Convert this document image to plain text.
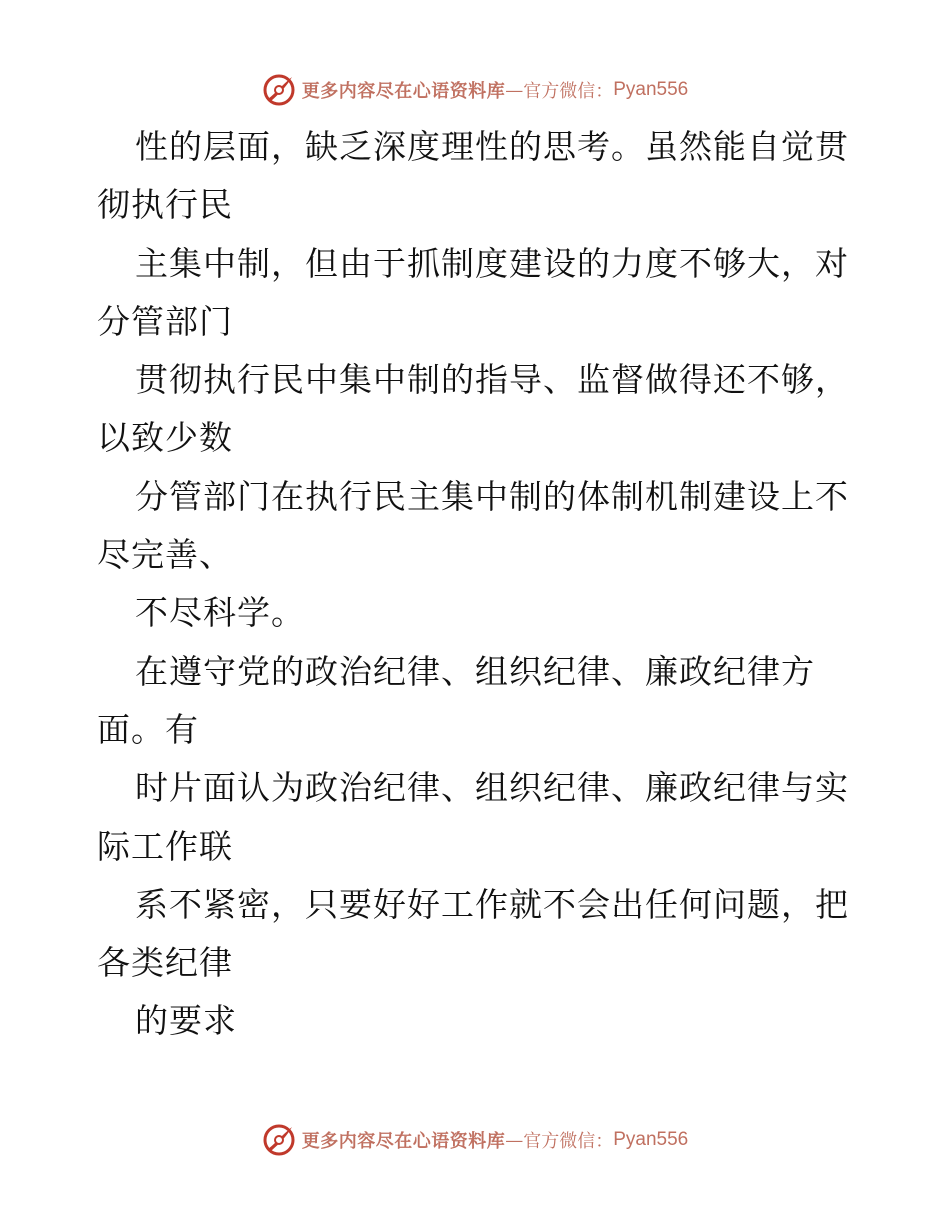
更多内容尽在心语资料库 — 官方微信： Pyan556
性的层面，缺乏深度理性的思考。虽然能自觉贯
彻执行民
主集中制，但由于抓制度建设的力度不够大，对
分管部门
贯彻执行民中集中制的指导、监督做得还不够，
以致少数
分管部门在执行民主集中制的体制机制建设上不
尽完善、
不尽科学。
在遵守党的政治纪律、组织纪律、廉政纪律方
面。有
时片面认为政治纪律、组织纪律、廉政纪律与实
际工作联
系不紧密，只要好好工作就不会出任何问题，把
各类纪律
的要求
更多内容尽在心语资料库 — 官方微信： Pyan556
